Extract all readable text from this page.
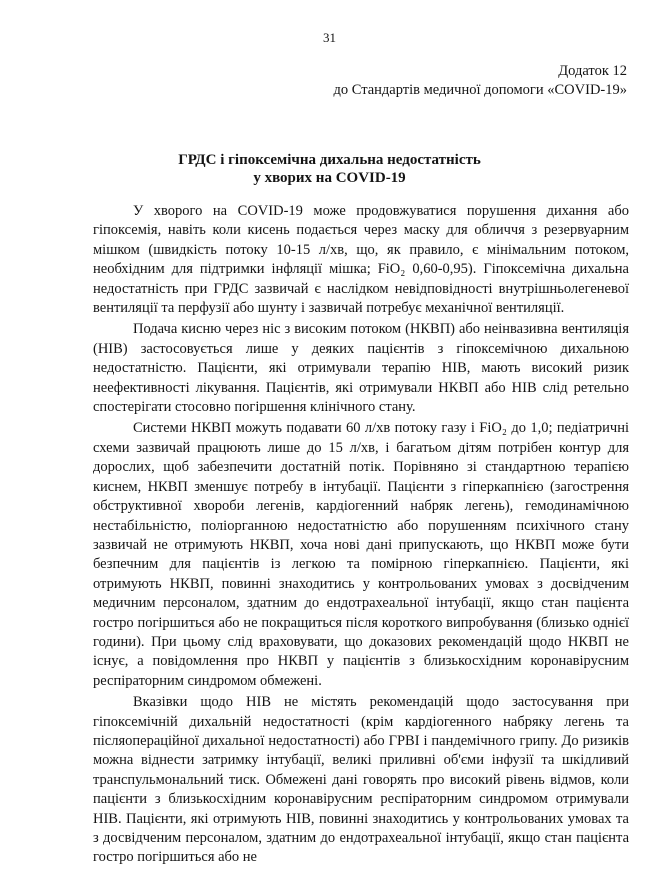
31
Додаток 12
до Стандартів медичної допомоги «COVID-19»
ГРДС і гіпоксемічна дихальна недостатність
у хворих на COVID-19

У хворого на COVID-19 може продовжуватися порушення дихання або гіпоксемія, навіть коли кисень подається через маску для обличчя з резервуарним мішком (швидкість потоку 10-15 л/хв, що, як правило, є мінімальним потоком, необхідним для підтримки інфляції мішка; FiO₂ 0,60-0,95). Гіпоксемічна дихальна недостатність при ГРДС зазвичай є наслідком невідповідності внутрішньолегеневої вентиляції та перфузії або шунту і зазвичай потребує механічної вентиляції.

Подача кисню через ніс з високим потоком (НКВП) або неінвазивна вентиляція (НІВ) застосовується лише у деяких пацієнтів з гіпоксемічною дихальною недостатністю. Пацієнти, які отримували терапію НІВ, мають високий ризик неефективності лікування. Пацієнтів, які отримували НКВП або НІВ слід ретельно спостерігати стосовно погіршення клінічного стану.

Системи НКВП можуть подавати 60 л/хв потоку газу і FiO₂ до 1,0; педіатричні схеми зазвичай працюють лише до 15 л/хв, і багатьом дітям потрібен контур для дорослих, щоб забезпечити достатній потік. Порівняно зі стандартною терапією киснем, НКВП зменшує потребу в інтубації. Пацієнти з гіперкапнією (загострення обструктивної хвороби легенів, кардіогенний набряк легень), гемодинамічною нестабільністю, поліорганною недостатністю або порушенням психічного стану зазвичай не отримують НКВП, хоча нові дані припускають, що НКВП може бути безпечним для пацієнтів із легкою та помірною гіперкапнією. Пацієнти, які отримують НКВП, повинні знаходитись у контрольованих умовах з досвідченим медичним персоналом, здатним до ендотрахеальної інтубації, якщо стан пацієнта гостро погіршиться або не покращиться після короткого випробування (близько однієї години). При цьому слід враховувати, що доказових рекомендацій щодо НКВП не існує, а повідомлення про НКВП у пацієнтів з близькосхідним коронавірусним респіраторним синдромом обмежені.

Вказівки щодо НІВ не містять рекомендацій щодо застосування при гіпоксемічній дихальній недостатності (крім кардіогенного набряку легень та післяопераційної дихальної недостатності) або ГРВІ і пандемічного грипу. До ризиків можна віднести затримку інтубації, великі приливні об'єми інфузії та шкідливий транспульмональний тиск. Обмежені дані говорять про високий рівень відмов, коли пацієнти з близькосхідним коронавірусним респіраторним синдромом отримували НІВ. Пацієнти, які отримують НІВ, повинні знаходитись у контрольованих умовах та з досвідченим персоналом, здатним до ендотрахеальної інтубації, якщо стан пацієнта гостро погіршиться або не
